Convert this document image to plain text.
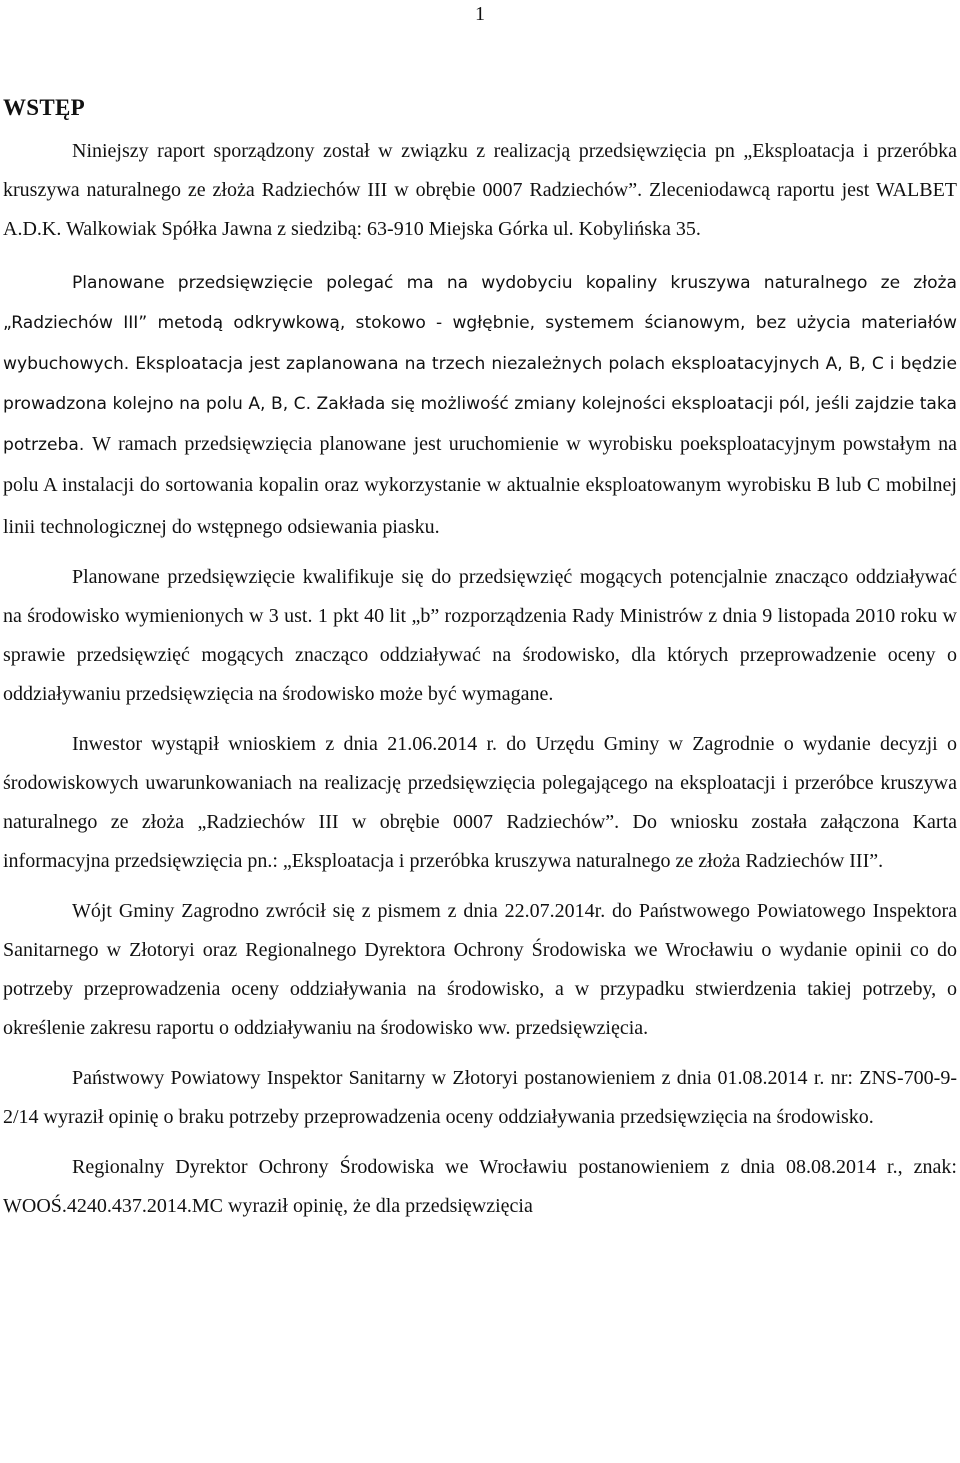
1
WSTĘP

Niniejszy raport sporządzony został w związku z realizacją przedsięwzięcia pn „Eksploatacja i przeróbka kruszywa naturalnego ze złoża Radziechów III w obrębie 0007 Radziechów”. Zleceniodawcą raportu jest WALBET A.D.K. Walkowiak Spółka Jawna z siedzibą: 63-910 Miejska Górka ul. Kobylińska 35.

Planowane przedsięwzięcie polegać ma na wydobyciu kopaliny kruszywa naturalnego ze złoża „Radziechów III” metodą odkrywkową, stokowo - wgłębnie, systemem ścianowym, bez użycia materiałów wybuchowych. Eksploatacja jest zaplanowana na trzech niezależnych polach eksploatacyjnych A, B, C i będzie prowadzona kolejno na polu A, B, C. Zakłada się możliwość zmiany kolejności eksploatacji pól, jeśli zajdzie taka potrzeba. W ramach przedsięwzięcia planowane jest uruchomienie w wyrobisku poeksploatacyjnym powstałym na polu A instalacji do sortowania kopalin oraz wykorzystanie w aktualnie eksploatowanym wyrobisku B lub C mobilnej linii technologicznej do wstępnego odsiewania piasku.

Planowane przedsięwzięcie kwalifikuje się do przedsięwzięć mogących potencjalnie znacząco oddziaływać na środowisko wymienionych w 3 ust. 1 pkt 40 lit „b” rozporządzenia Rady Ministrów z dnia 9 listopada 2010 roku w sprawie przedsięwzięć mogących znacząco oddziaływać na środowisko, dla których przeprowadzenie oceny o oddziaływaniu przedsięwzięcia na środowisko może być wymagane.

Inwestor wystąpił wnioskiem z dnia 21.06.2014 r. do Urzędu Gminy w Zagrodnie o wydanie decyzji o środowiskowych uwarunkowaniach na realizację przedsięwzięcia polegającego na eksploatacji i przeróbce kruszywa naturalnego ze złoża „Radziechów III w obrębie 0007 Radziechów”. Do wniosku została załączona Karta informacyjna przedsięwzięcia pn.: „Eksploatacja i przeróbka kruszywa naturalnego ze złoża Radziechów III”.

Wójt Gminy Zagrodno zwrócił się z pismem z dnia 22.07.2014r. do Państwowego Powiatowego Inspektora Sanitarnego w Złotoryi oraz Regionalnego Dyrektora Ochrony Środowiska we Wrocławiu o wydanie opinii co do potrzeby przeprowadzenia oceny oddziaływania na środowisko, a w przypadku stwierdzenia takiej potrzeby, o określenie zakresu raportu o oddziaływaniu na środowisko ww. przedsięwzięcia.

Państwowy Powiatowy Inspektor Sanitarny w Złotoryi postanowieniem z dnia 01.08.2014 r. nr: ZNS-700-9-2/14 wyraził opinię o braku potrzeby przeprowadzenia oceny oddziaływania przedsięwzięcia na środowisko.

Regionalny Dyrektor Ochrony Środowiska we Wrocławiu postanowieniem z dnia 08.08.2014 r., znak: WOOŚ.4240.437.2014.MC wyraził opinię, że dla przedsięwzięcia
